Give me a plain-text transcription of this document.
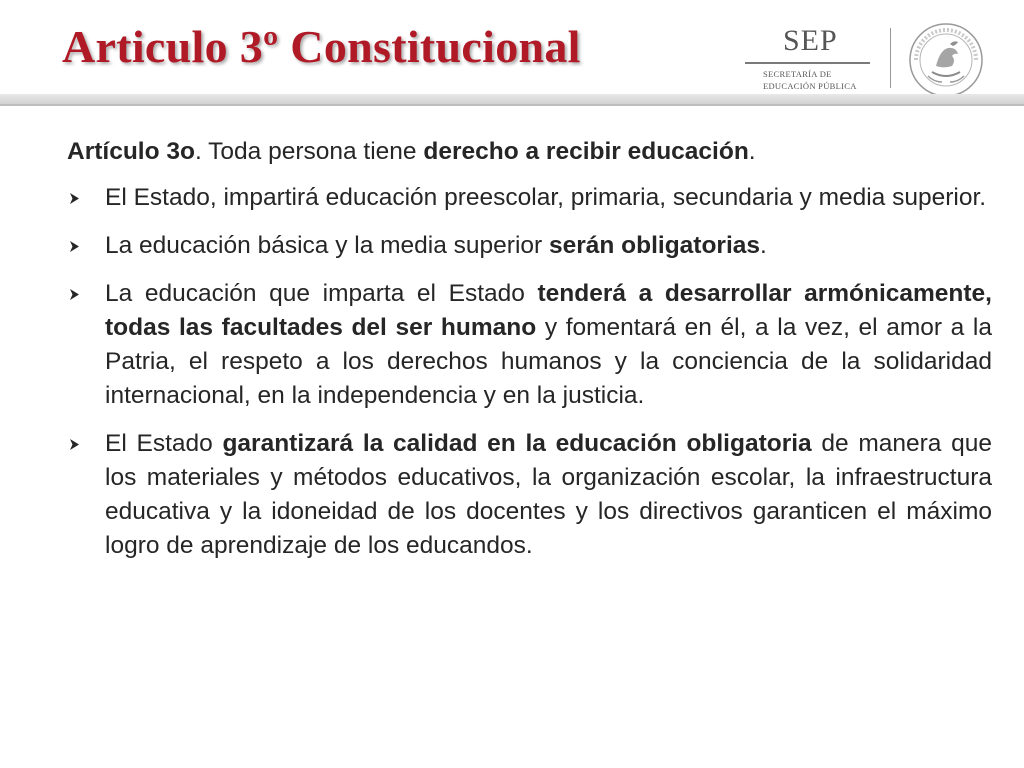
Articulo 3º Constitucional	SEP
SECRETARÍA DE
EDUCACIÓN PÚBLICA

Artículo 3o. Toda persona tiene derecho a recibir educación.

El Estado, impartirá educación preescolar, primaria, secundaria y media superior.
La educación básica y la media superior serán obligatorias.
La educación que imparta el Estado tenderá a desarrollar armónicamente, todas las facultades del ser humano y fomentará en él, a la vez, el amor a la Patria, el respeto a los derechos humanos y la conciencia de la solidaridad internacional, en la independencia y en la justicia.
El Estado garantizará la calidad en la educación obligatoria de manera que los materiales y métodos educativos, la organización escolar, la infraestructura educativa y la idoneidad de los docentes y los directivos garanticen el máximo logro de aprendizaje de los educandos.
